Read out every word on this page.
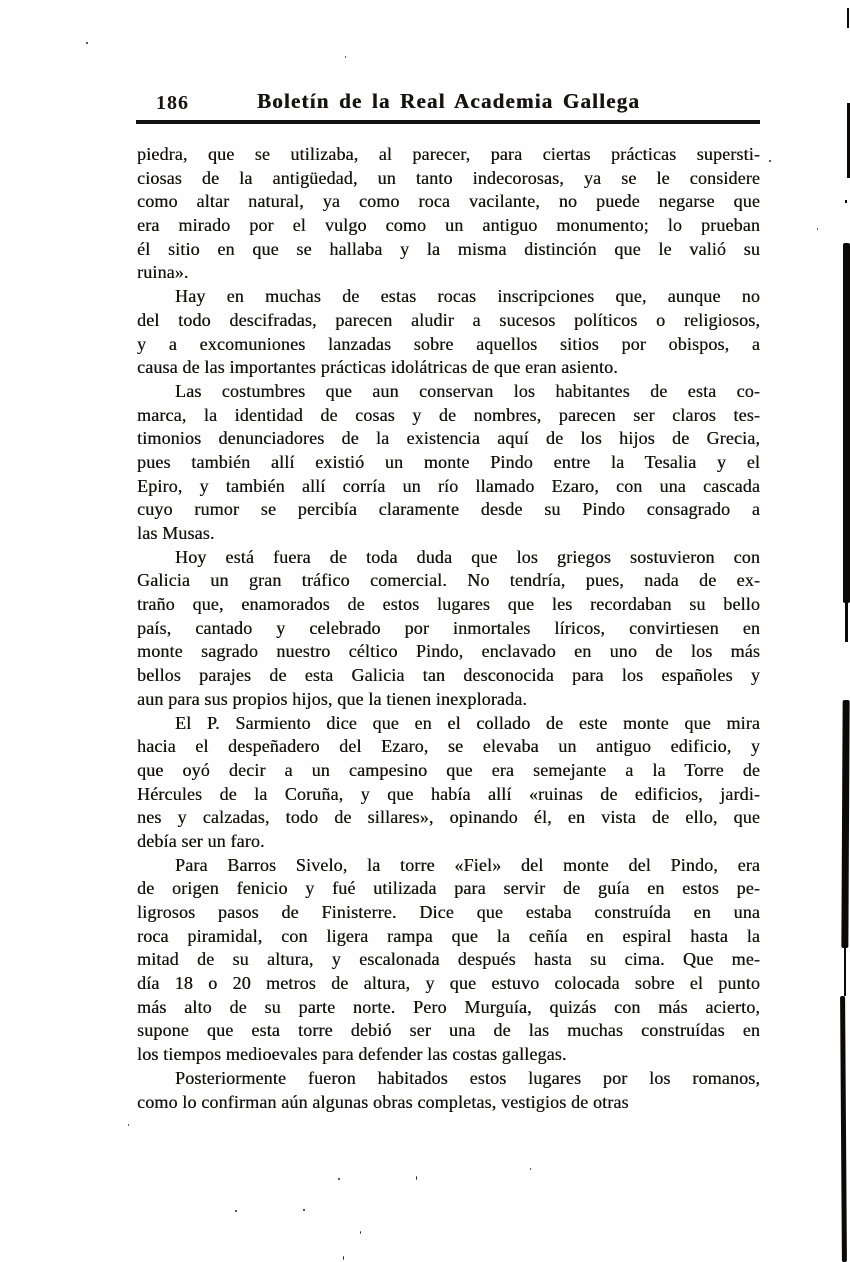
186	Boletín de la Real Academia Gallega
piedra, que se utilizaba, al parecer, para ciertas prácticas supersti-
ciosas de la antigüedad, un tanto indecorosas, ya se le considere
como altar natural, ya como roca vacilante, no puede negarse que
era mirado por el vulgo como un antiguo monumento; lo prueban
él sitio en que se hallaba y la misma distinción que le valió su
ruina».
Hay en muchas de estas rocas inscripciones que, aunque no
del todo descifradas, parecen aludir a sucesos políticos o religiosos,
y a excomuniones lanzadas sobre aquellos sitios por obispos, a
causa de las importantes prácticas idolátricas de que eran asiento.
Las costumbres que aun conservan los habitantes de esta co-
marca, la identidad de cosas y de nombres, parecen ser claros tes-
timonios denunciadores de la existencia aquí de los hijos de Grecia,
pues también allí existió un monte Pindo entre la Tesalia y el
Epiro, y también allí corría un río llamado Ezaro, con una cascada
cuyo rumor se percibía claramente desde su Pindo consagrado a
las Musas.
Hoy está fuera de toda duda que los griegos sostuvieron con
Galicia un gran tráfico comercial. No tendría, pues, nada de ex-
traño que, enamorados de estos lugares que les recordaban su bello
país, cantado y celebrado por inmortales líricos, convirtiesen en
monte sagrado nuestro céltico Pindo, enclavado en uno de los más
bellos parajes de esta Galicia tan desconocida para los españoles y
aun para sus propios hijos, que la tienen inexplorada.
El P. Sarmiento dice que en el collado de este monte que mira
hacia el despeñadero del Ezaro, se elevaba un antiguo edificio, y
que oyó decir a un campesino que era semejante a la Torre de
Hércules de la Coruña, y que había allí «ruinas de edificios, jardi-
nes y calzadas, todo de sillares», opinando él, en vista de ello, que
debía ser un faro.
Para Barros Sivelo, la torre «Fiel» del monte del Pindo, era
de origen fenicio y fué utilizada para servir de guía en estos pe-
ligrosos pasos de Finisterre. Dice que estaba construída en una
roca piramidal, con ligera rampa que la ceñía en espiral hasta la
mitad de su altura, y escalonada después hasta su cima. Que me-
día 18 o 20 metros de altura, y que estuvo colocada sobre el punto
más alto de su parte norte. Pero Murguía, quizás con más acierto,
supone que esta torre debió ser una de las muchas construídas en
los tiempos medioevales para defender las costas gallegas.
Posteriormente fueron habitados estos lugares por los romanos,
como lo confirman aún algunas obras completas, vestigios de otras
